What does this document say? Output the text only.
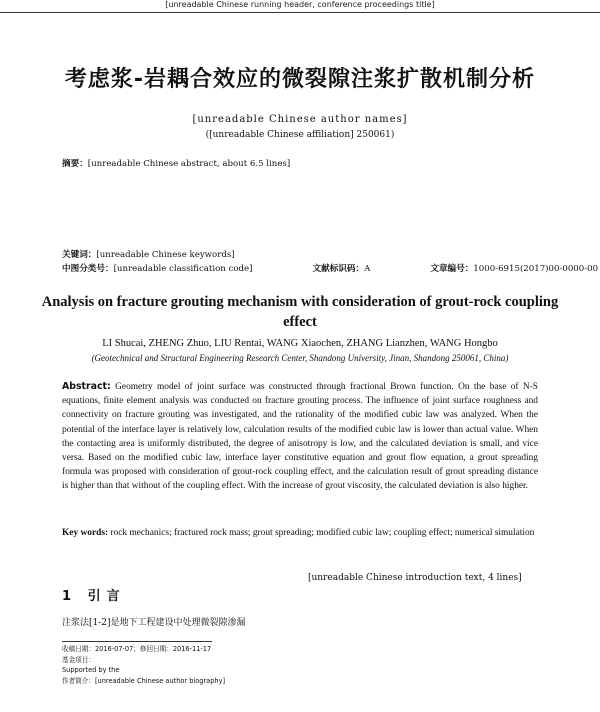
[unreadable Chinese running header, conference proceedings title]
考虑浆-岩耦合效应的微裂隙注浆扩散机制分析
[unreadable Chinese author names]
([unreadable Chinese affiliation] 250061)
摘要：[unreadable Chinese abstract, about 6.5 lines]
关键词：[unreadable Chinese keywords]
中图分类号：[unreadable classification code]	文献标识码：A	文章编号：1000-6915(2017)00-0000-00
Analysis on fracture grouting mechanism with consideration of grout-rock coupling effect
LI Shucai, ZHENG Zhuo, LIU Rentai, WANG Xiaochen, ZHANG Lianzhen, WANG Hongbo
(Geotechnical and Structural Engineering Research Center, Shandong University, Jinan, Shandong 250061, China)
Abstract: Geometry model of joint surface was constructed through fractional Brown function. On the base of N-S equations, finite element analysis was conducted on fracture grouting process. The influence of joint surface roughness and connectivity on fracture grouting was investigated, and the rationality of the modified cubic law was analyzed. When the potential of the interface layer is relatively low, calculation results of the modified cubic law is lower than actual value. When the contacting area is uniformly distributed, the degree of anisotropy is low, and the calculated deviation is small, and vice versa. Based on the modified cubic law, interface layer constitutive equation and grout flow equation, a grout spreading formula was proposed with consideration of grout-rock coupling effect, and the calculation result of grout spreading distance is higher than that without of the coupling effect. With the increase of grout viscosity, the calculated deviation is also higher.
Key words: rock mechanics; fractured rock mass; grout spreading; modified cubic law; coupling effect; numerical simulation
1 引言
注浆法[1-2]是地下工程建设中处理微裂隙渗漏
[unreadable Chinese introduction text, 4 lines]
收稿日期：2016-07-07；修回日期：2016-11-17
基金项目：
Supported by the
作者简介：[unreadable Chinese author biography]
